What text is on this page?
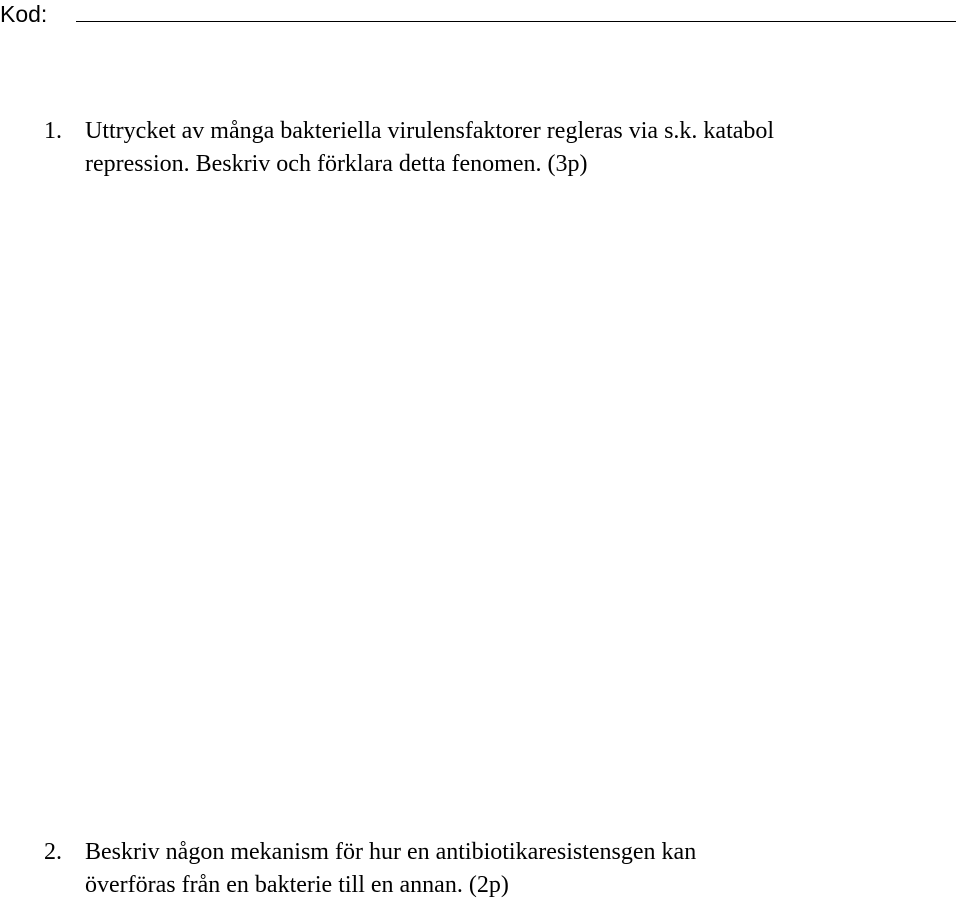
Kod:
1. Uttrycket av många bakteriella virulensfaktorer regleras via s.k. katabol
repression. Beskriv och förklara detta fenomen. (3p)
2. Beskriv någon mekanism för hur en antibiotikaresistensgen kan
överföras från en bakterie till en annan. (2p)
